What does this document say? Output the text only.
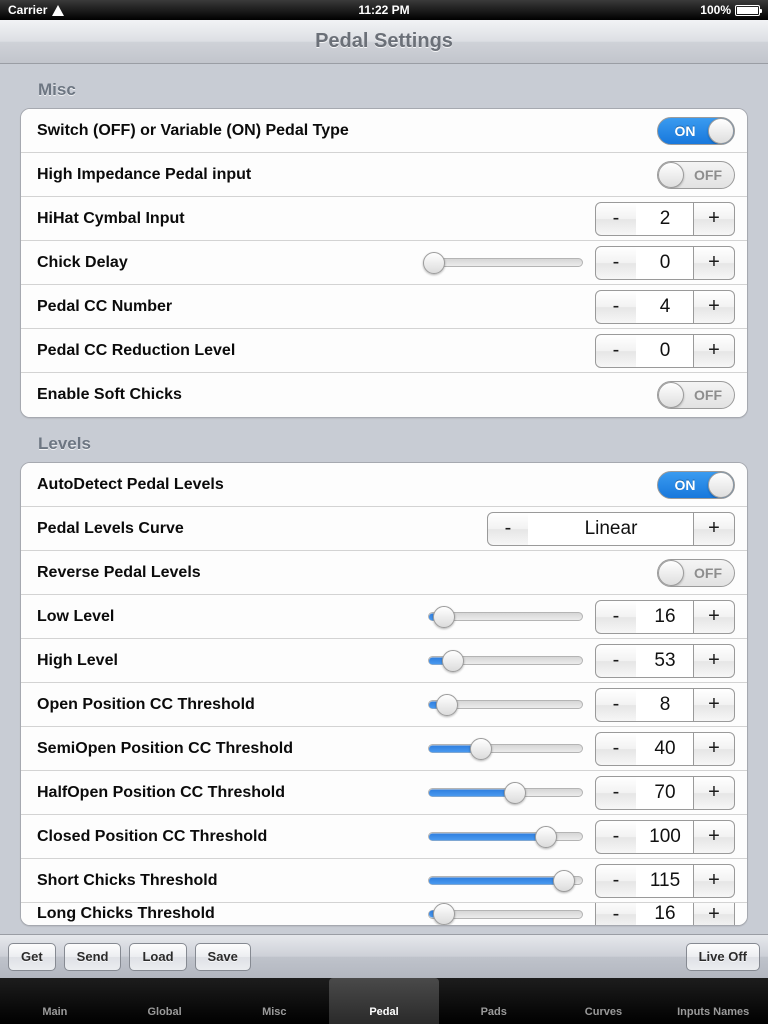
Carrier	11:22 PM	100%
Pedal Settings
Misc
Switch (OFF) or Variable (ON) Pedal Type	ON
High Impedance Pedal input	OFF
HiHat Cymbal Input	-	2	+
Chick Delay	-	0	+
Pedal CC Number	-	4	+
Pedal CC Reduction Level	-	0	+
Enable Soft Chicks	OFF
Levels
AutoDetect Pedal Levels	ON
Pedal Levels Curve	-	Linear	+
Reverse Pedal Levels	OFF
Low Level	-	16	+
High Level	-	53	+
Open Position CC Threshold	-	8	+
SemiOpen Position CC Threshold	-	40	+
HalfOpen Position CC Threshold	-	70	+
Closed Position CC Threshold	-	100	+
Short Chicks Threshold	-	115	+
Long Chicks Threshold	-	16	+
Get	Send	Load	Save	Live Off
Main	Global	Misc	Pedal	Pads	Curves	Inputs Names
